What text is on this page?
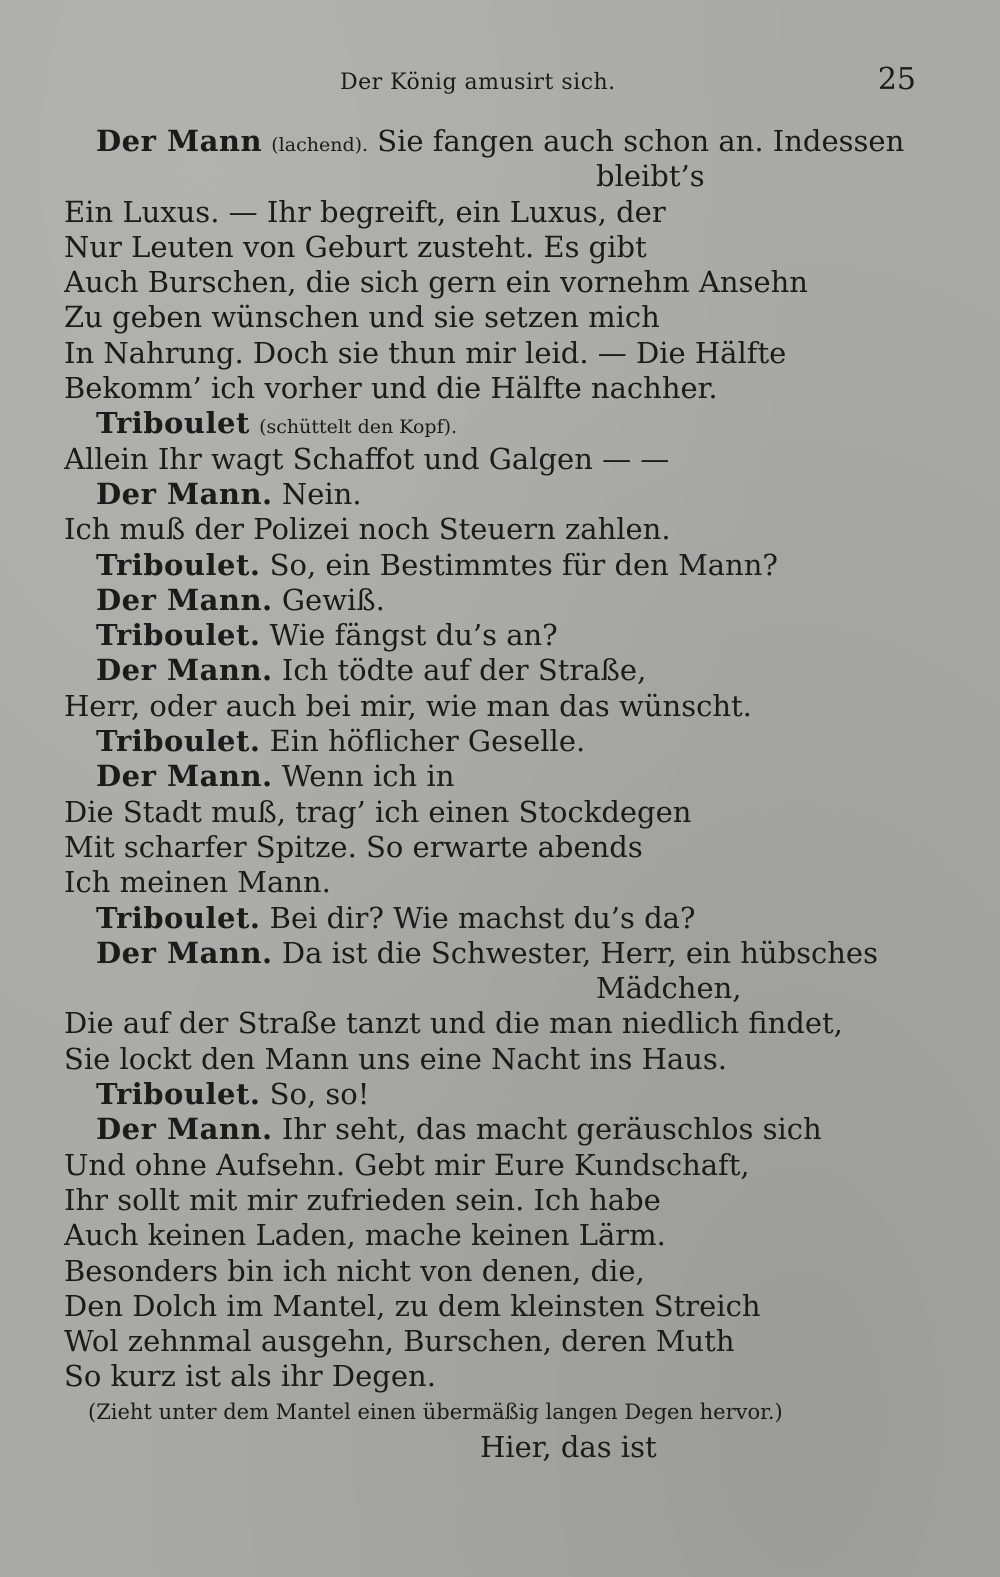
Der König amusirt sich.	25
Der Mann (lachend). Sie fangen auch schon an. Indessen
bleibt’s
Ein Luxus. — Ihr begreift, ein Luxus, der
Nur Leuten von Geburt zusteht. Es gibt
Auch Burschen, die sich gern ein vornehm Ansehn
Zu geben wünschen und sie setzen mich
In Nahrung. Doch sie thun mir leid. — Die Hälfte
Bekomm’ ich vorher und die Hälfte nachher.
Triboulet (schüttelt den Kopf).
Allein Ihr wagt Schaffot und Galgen — —
Der Mann. Nein.
Ich muß der Polizei noch Steuern zahlen.
Triboulet. So, ein Bestimmtes für den Mann?
Der Mann. Gewiß.
Triboulet. Wie fängst du’s an?
Der Mann. Ich tödte auf der Straße,
Herr, oder auch bei mir, wie man das wünscht.
Triboulet. Ein höflicher Geselle.
Der Mann. Wenn ich in
Die Stadt muß, trag’ ich einen Stockdegen
Mit scharfer Spitze. So erwarte abends
Ich meinen Mann.
Triboulet. Bei dir? Wie machst du’s da?
Der Mann. Da ist die Schwester, Herr, ein hübsches
Mädchen,
Die auf der Straße tanzt und die man niedlich findet,
Sie lockt den Mann uns eine Nacht ins Haus.
Triboulet. So, so!
Der Mann. Ihr seht, das macht geräuschlos sich
Und ohne Aufsehn. Gebt mir Eure Kundschaft,
Ihr sollt mit mir zufrieden sein. Ich habe
Auch keinen Laden, mache keinen Lärm.
Besonders bin ich nicht von denen, die,
Den Dolch im Mantel, zu dem kleinsten Streich
Wol zehnmal ausgehn, Burschen, deren Muth
So kurz ist als ihr Degen.
(Zieht unter dem Mantel einen übermäßig langen Degen hervor.)
Hier, das ist
